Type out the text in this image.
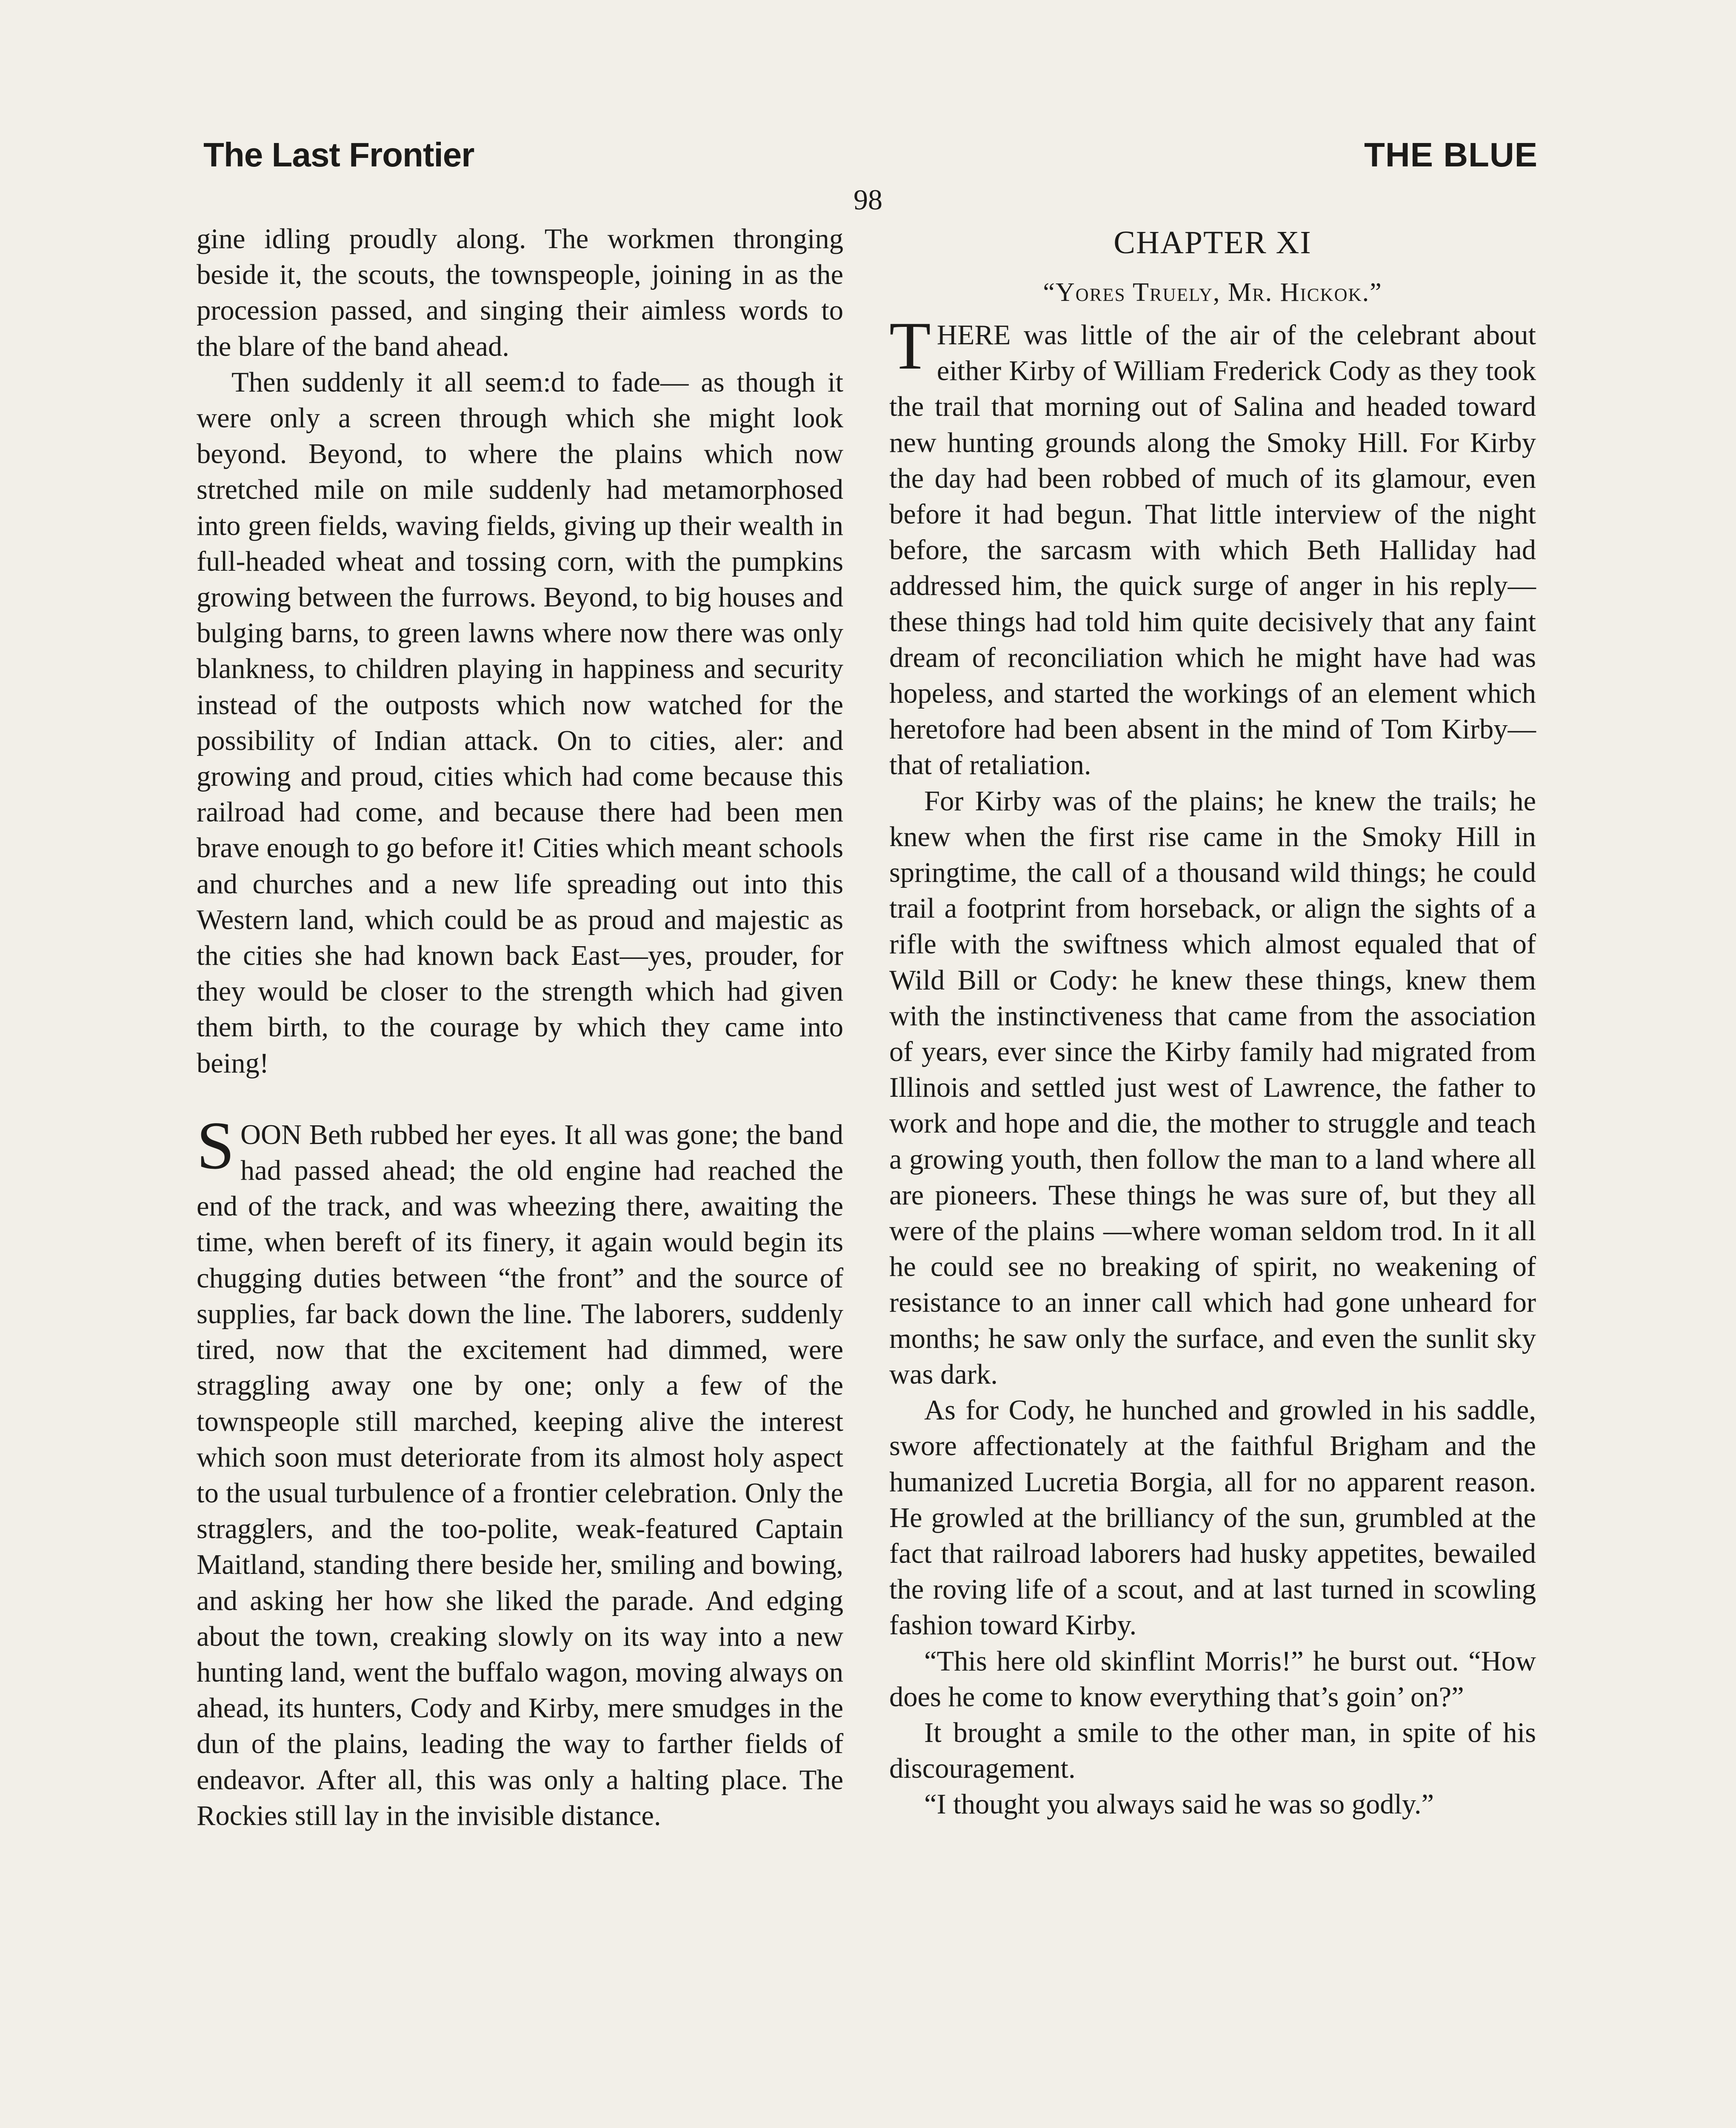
The Last Frontier	THE BLUE
98

gine idling proudly along. The workmen thronging beside it, the scouts, the townspeople, joining in as the procession passed, and singing their aimless words to the blare of the band ahead.

Then suddenly it all seem:d to fade— as though it were only a screen through which she might look beyond. Beyond, to where the plains which now stretched mile on mile suddenly had metamorphosed into green fields, waving fields, giving up their wealth in full-headed wheat and tossing corn, with the pumpkins growing between the furrows. Beyond, to big houses and bulging barns, to green lawns where now there was only blankness, to children playing in happiness and security instead of the outposts which now watched for the possibility of Indian attack. On to cities, aler: and growing and proud, cities which had come because this railroad had come, and because there had been men brave enough to go before it! Cities which meant schools and churches and a new life spreading out into this Western land, which could be as proud and majestic as the cities she had known back East—yes, prouder, for they would be closer to the strength which had given them birth, to the courage by which they came into being!

SOON Beth rubbed her eyes. It all was gone; the band had passed ahead; the old engine had reached the end of the track, and was wheezing there, awaiting the time, when bereft of its finery, it again would begin its chugging duties between “the front” and the source of supplies, far back down the line. The laborers, suddenly tired, now that the excitement had dimmed, were straggling away one by one; only a few of the townspeople still marched, keeping alive the interest which soon must deteriorate from its almost holy aspect to the usual turbulence of a frontier celebration. Only the stragglers, and the too-polite, weak-featured Captain Maitland, standing there beside her, smiling and bowing, and asking her how she liked the parade. And edging about the town, creaking slowly on its way into a new hunting land, went the buffalo wagon, moving always on ahead, its hunters, Cody and Kirby, mere smudges in the dun of the plains, leading the way to farther fields of endeavor. After all, this was only a halting place. The Rockies still lay in the invisible distance.

CHAPTER XI
“Yores Truely, Mr. Hickok.”

THERE was little of the air of the celebrant about either Kirby of William Frederick Cody as they took the trail that morning out of Salina and headed toward new hunting grounds along the Smoky Hill. For Kirby the day had been robbed of much of its glamour, even before it had begun. That little interview of the night before, the sarcasm with which Beth Halliday had addressed him, the quick surge of anger in his reply—these things had told him quite decisively that any faint dream of reconciliation which he might have had was hopeless, and started the workings of an element which heretofore had been absent in the mind of Tom Kirby—that of retaliation.

For Kirby was of the plains; he knew the trails; he knew when the first rise came in the Smoky Hill in springtime, the call of a thousand wild things; he could trail a footprint from horseback, or align the sights of a rifle with the swiftness which almost equaled that of Wild Bill or Cody: he knew these things, knew them with the instinctiveness that came from the association of years, ever since the Kirby family had migrated from Illinois and settled just west of Lawrence, the father to work and hope and die, the mother to struggle and teach a growing youth, then follow the man to a land where all are pioneers. These things he was sure of, but they all were of the plains —where woman seldom trod. In it all he could see no breaking of spirit, no weakening of resistance to an inner call which had gone unheard for months; he saw only the surface, and even the sunlit sky was dark.

As for Cody, he hunched and growled in his saddle, swore affectionately at the faithful Brigham and the humanized Lucretia Borgia, all for no apparent reason. He growled at the brilliancy of the sun, grumbled at the fact that railroad laborers had husky appetites, bewailed the roving life of a scout, and at last turned in scowling fashion toward Kirby.

“This here old skinflint Morris!” he burst out. “How does he come to know everything that’s goin’ on?”

It brought a smile to the other man, in spite of his discouragement.

“I thought you always said he was so godly.”
